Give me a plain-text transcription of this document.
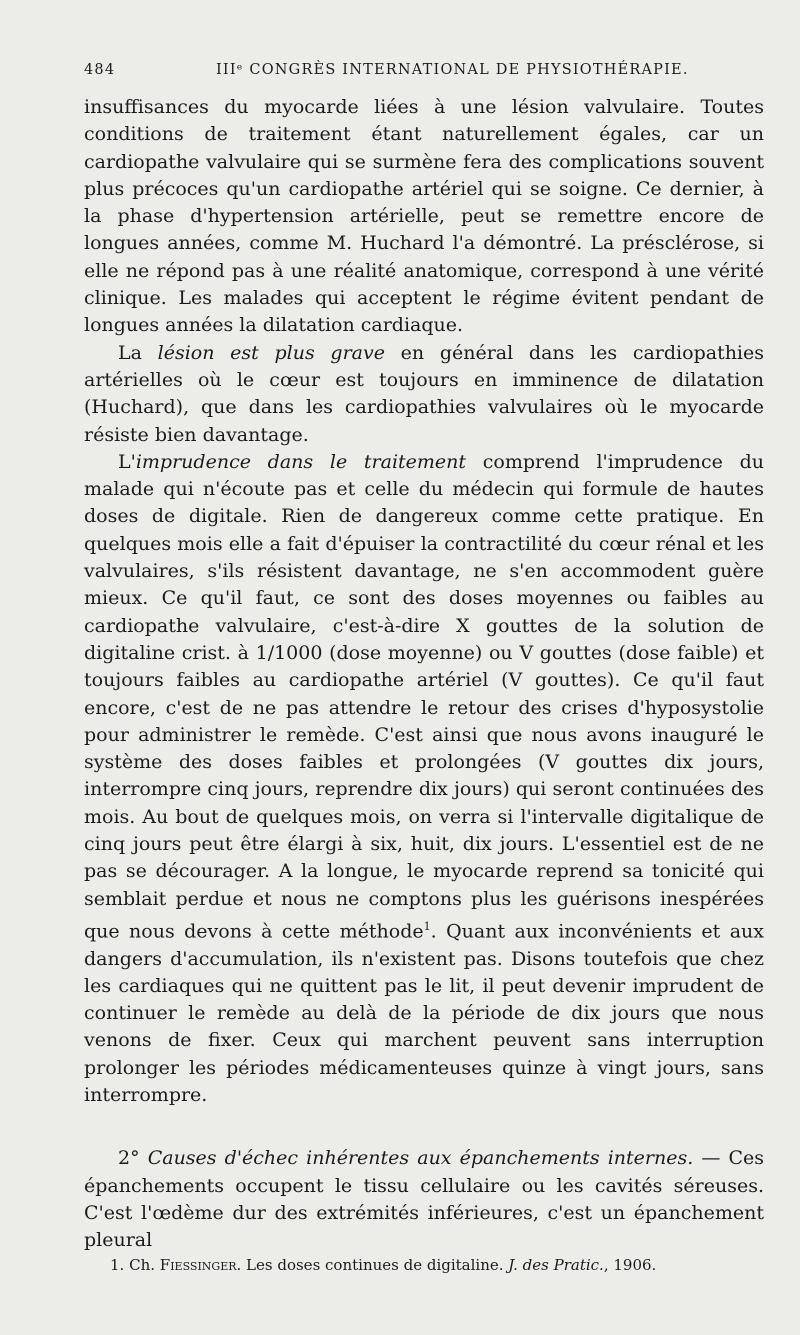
484	IIIᵉ CONGRÈS INTERNATIONAL DE PHYSIOTHÉRAPIE.

insuffisances du myocarde liées à une lésion valvulaire. Toutes conditions de traitement étant naturellement égales, car un cardiopathe valvulaire qui se surmène fera des complications souvent plus précoces qu'un cardiopathe artériel qui se soigne. Ce dernier, à la phase d'hypertension artérielle, peut se remettre encore de longues années, comme M. Huchard l'a démontré. La présclérose, si elle ne répond pas à une réalité anatomique, correspond à une vérité clinique. Les malades qui acceptent le régime évitent pendant de longues années la dilatation cardiaque.

La lésion est plus grave en général dans les cardiopathies artérielles où le cœur est toujours en imminence de dilatation (Huchard), que dans les cardiopathies valvulaires où le myocarde résiste bien davantage.

L'imprudence dans le traitement comprend l'imprudence du malade qui n'écoute pas et celle du médecin qui formule de hautes doses de digitale. Rien de dangereux comme cette pratique. En quelques mois elle a fait d'épuiser la contractilité du cœur rénal et les valvulaires, s'ils résistent davantage, ne s'en accommodent guère mieux. Ce qu'il faut, ce sont des doses moyennes ou faibles au cardiopathe valvulaire, c'est-à-dire X gouttes de la solution de digitaline crist. à 1/1000 (dose moyenne) ou V gouttes (dose faible) et toujours faibles au cardiopathe artériel (V gouttes). Ce qu'il faut encore, c'est de ne pas attendre le retour des crises d'hyposystolie pour administrer le remède. C'est ainsi que nous avons inauguré le système des doses faibles et prolongées (V gouttes dix jours, interrompre cinq jours, reprendre dix jours) qui seront continuées des mois. Au bout de quelques mois, on verra si l'intervalle digitalique de cinq jours peut être élargi à six, huit, dix jours. L'essentiel est de ne pas se décourager. A la longue, le myocarde reprend sa tonicité qui semblait perdue et nous ne comptons plus les guérisons inespérées que nous devons à cette méthode$^1$. Quant aux inconvénients et aux dangers d'accumulation, ils n'existent pas. Disons toutefois que chez les cardiaques qui ne quittent pas le lit, il peut devenir imprudent de continuer le remède au delà de la période de dix jours que nous venons de fixer. Ceux qui marchent peuvent sans interruption prolonger les périodes médicamenteuses quinze à vingt jours, sans interrompre.

2° Causes d'échec inhérentes aux épanchements internes. — Ces épanchements occupent le tissu cellulaire ou les cavités séreuses. C'est l'œdème dur des extrémités inférieures, c'est un épanchement pleural

1. Ch. Fiessinger. Les doses continues de digitaline. J. des Pratic., 1906.
